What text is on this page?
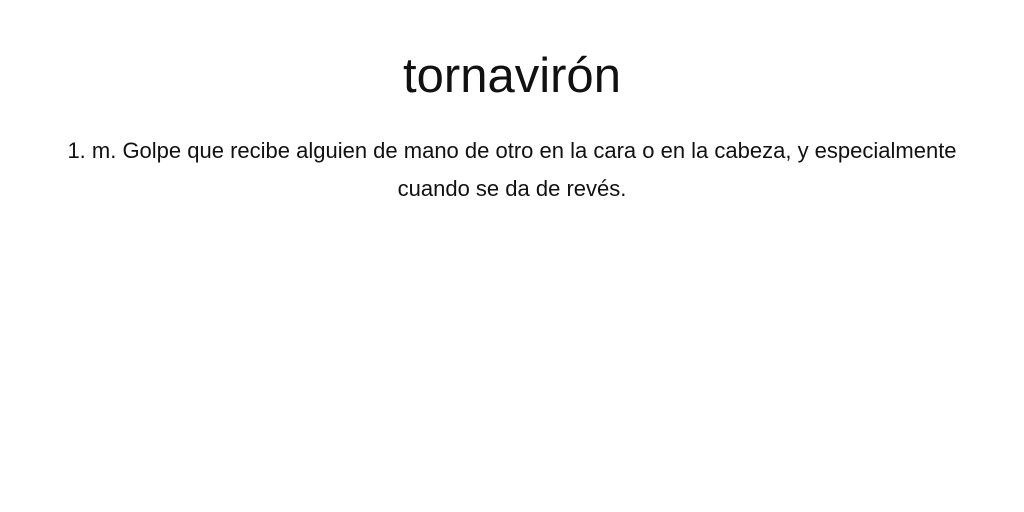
tornavirón

1. m. Golpe que recibe alguien de mano de otro en la cara o en la cabeza, y especialmente cuando se da de revés.
